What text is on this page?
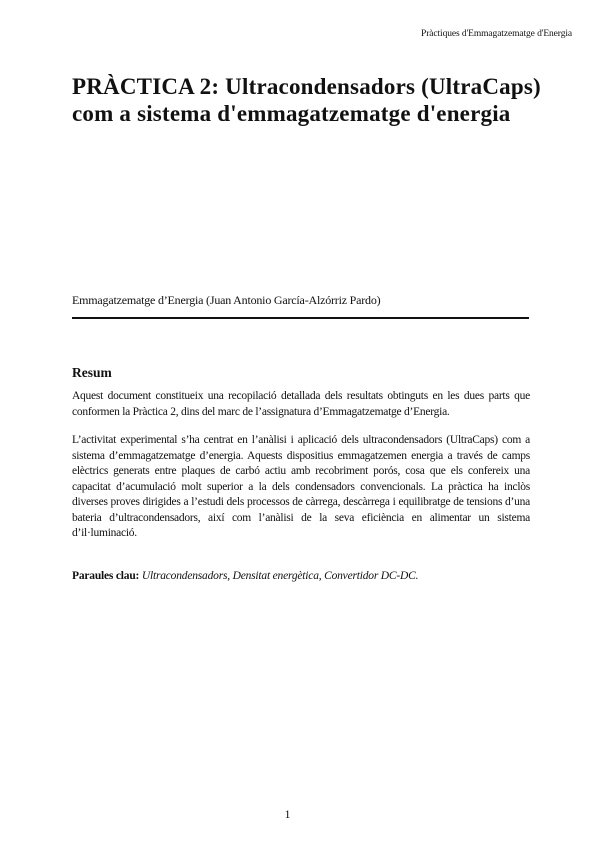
Pràctiques d'Emmagatzematge d'Energia
PRÀCTICA 2: Ultracondensadors (UltraCaps) com a sistema d'emmagatzematge d'energia
Emmagatzematge d’Energia (Juan Antonio García-Alzórriz Pardo)
Resum

Aquest document constitueix una recopilació detallada dels resultats obtinguts en les dues parts que conformen la Pràctica 2, dins del marc de l’assignatura d’Emmagatzematge d’Energia.

L’activitat experimental s’ha centrat en l’anàlisi i aplicació dels ultracondensadors (UltraCaps) com a sistema d’emmagatzematge d’energia. Aquests dispositius emmagatzemen energia a través de camps elèctrics generats entre plaques de carbó actiu amb recobriment porós, cosa que els confereix una capacitat d’acumulació molt superior a la dels condensadors convencionals. La pràctica ha inclòs diverses proves dirigides a l’estudi dels processos de càrrega, descàrrega i equilibratge de tensions d’una bateria d’ultracondensadors, així com l’anàlisi de la seva eficiència en alimentar un sistema d’il·luminació.

Paraules clau: Ultracondensadors, Densitat energètica, Convertidor DC-DC.
1
